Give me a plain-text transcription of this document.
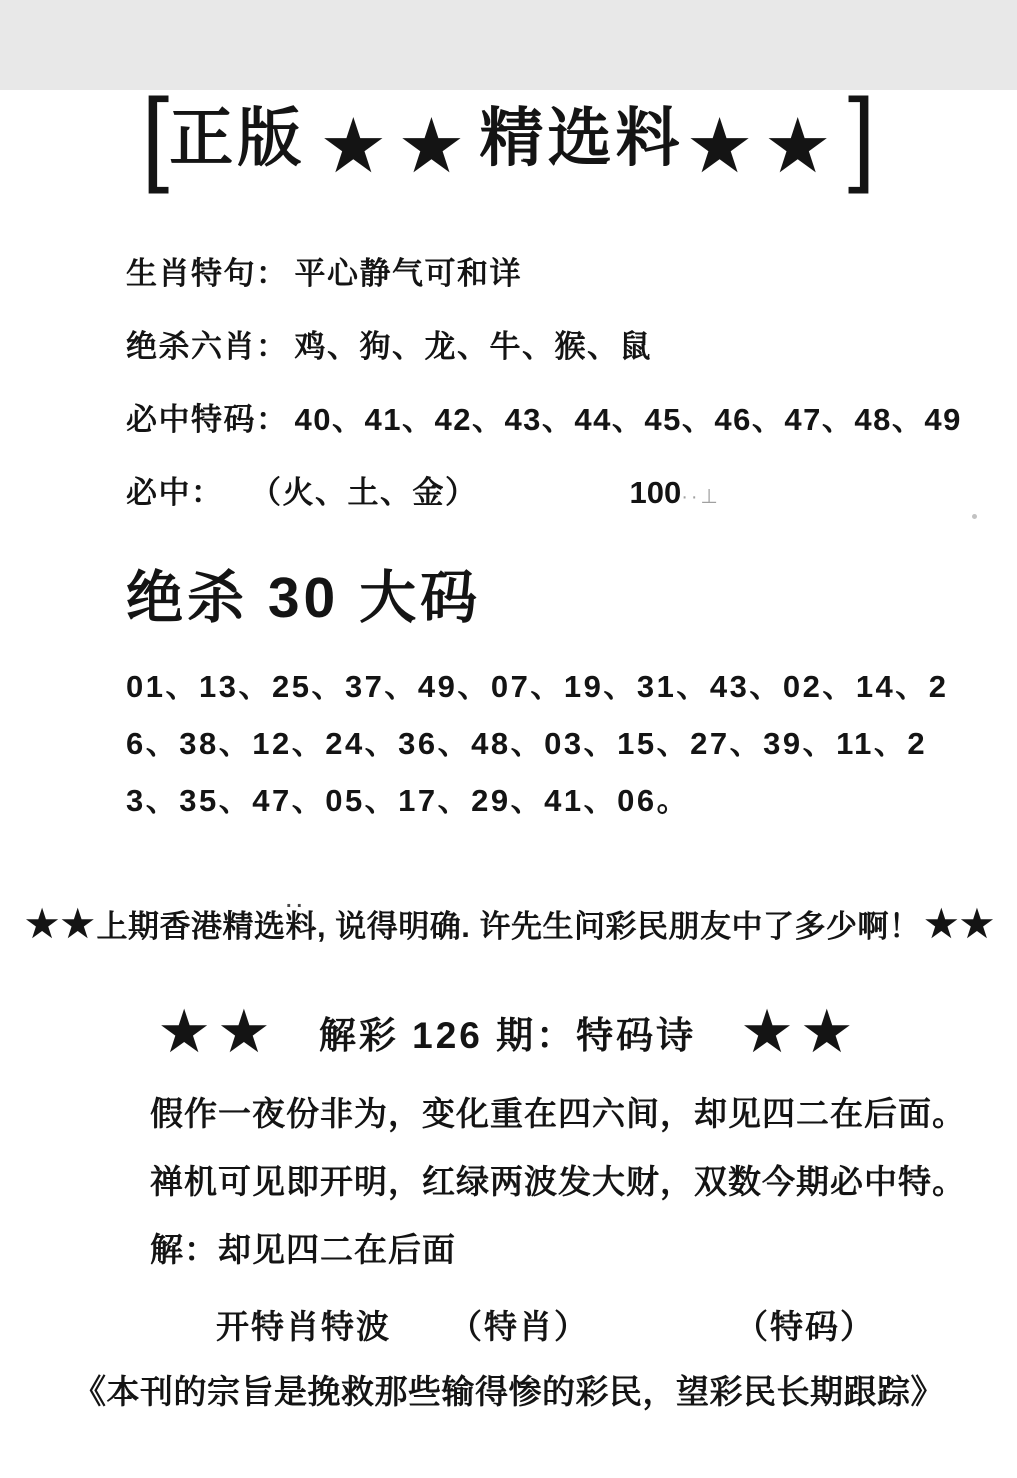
[ 正版 ★★ 精选料 ★★ ]
生肖特句： 平心静气可和详
绝杀六肖： 鸡、狗、龙、牛、猴、鼠
必中特码： 40、41、42、43、44、45、46、47、48、49
必中： （火、土、金）	100··⊥
绝杀 30 大码

01、13、25、37、49、07、19、31、43、02、14、26、38、12、24、36、48、03、15、27、39、11、23、35、47、05、17、29、41、06。

..
★★ 上期香港精选料, 说得明确. 许先生问彩民朋友中了多少啊！ ★★
★★ 解彩 126 期：特码诗 ★★
假作一夜份非为，变化重在四六间，却见四二在后面。
禅机可见即开明，红绿两波发大财，双数今期必中特。
解：却见四二在后面
开特肖特波 （特肖）	（特码）
《本刊的宗旨是挽救那些输得惨的彩民，望彩民长期跟踪》
